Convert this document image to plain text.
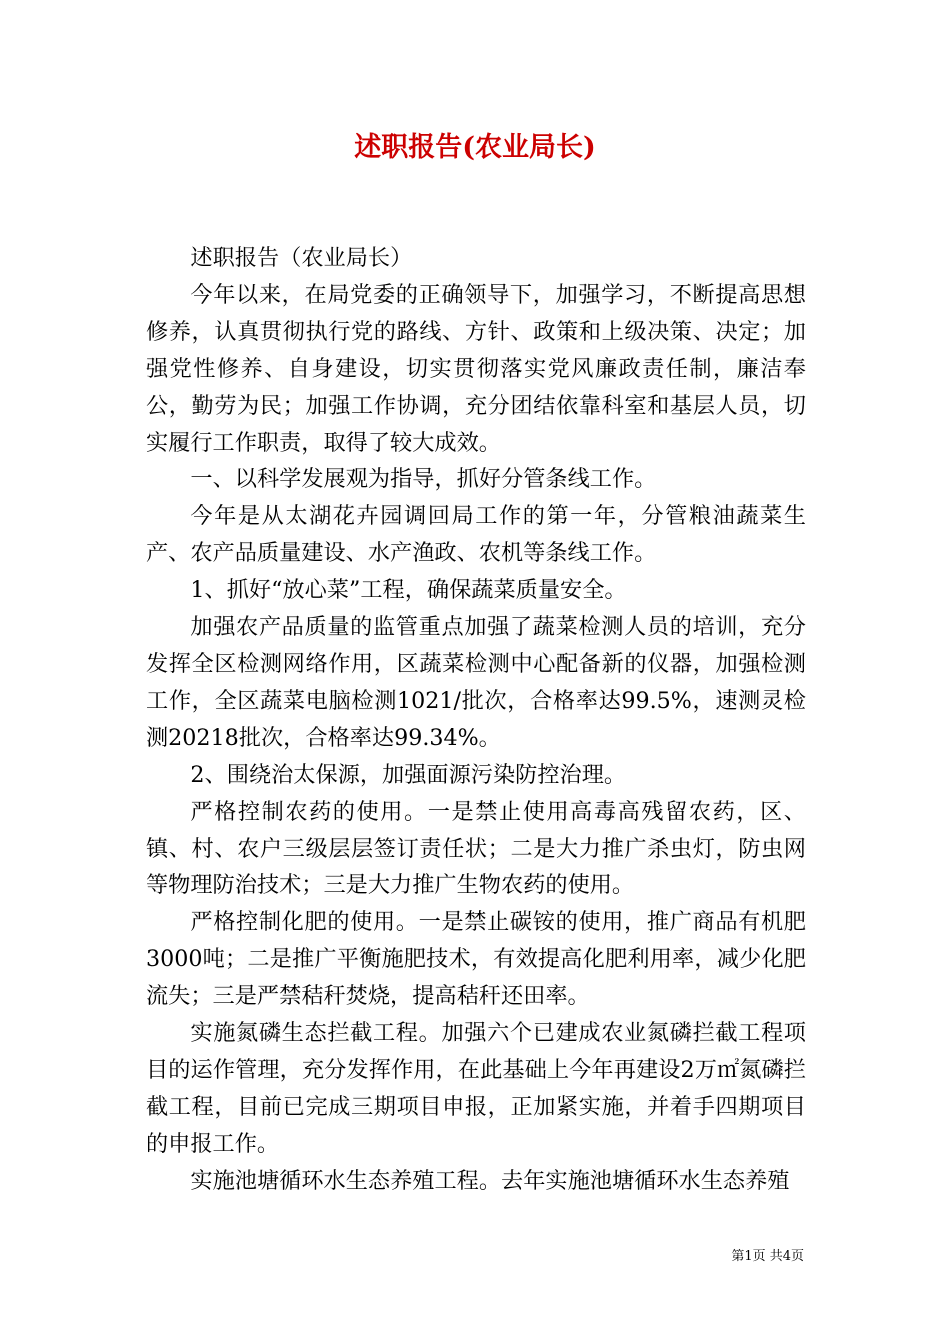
述职报告(农业局长)

述职报告（农业局长）

今年以来，在局党委的正确领导下，加强学习，不断提高思想修养，认真贯彻执行党的路线、方针、政策和上级决策、决定；加强党性修养、自身建设，切实贯彻落实党风廉政责任制，廉洁奉公，勤劳为民；加强工作协调，充分团结依靠科室和基层人员，切实履行工作职责，取得了较大成效。

一、以科学发展观为指导，抓好分管条线工作。

今年是从太湖花卉园调回局工作的第一年，分管粮油蔬菜生产、农产品质量建设、水产渔政、农机等条线工作。

1、抓好“放心菜”工程，确保蔬菜质量安全。

加强农产品质量的监管重点加强了蔬菜检测人员的培训，充分发挥全区检测网络作用，区蔬菜检测中心配备新的仪器，加强检测工作，全区蔬菜电脑检测1021/批次，合格率达99.5%，速测灵检测20218批次，合格率达99.34%。

2、围绕治太保源，加强面源污染防控治理。

严格控制农药的使用。一是禁止使用高毒高残留农药，区、镇、村、农户三级层层签订责任状；二是大力推广杀虫灯，防虫网等物理防治技术；三是大力推广生物农药的使用。

严格控制化肥的使用。一是禁止碳铵的使用，推广商品有机肥3000吨；二是推广平衡施肥技术，有效提高化肥利用率，减少化肥流失；三是严禁秸秆焚烧，提高秸秆还田率。

实施氮磷生态拦截工程。加强六个已建成农业氮磷拦截工程项目的运作管理，充分发挥作用，在此基础上今年再建设2万㎡氮磷拦截工程，目前已完成三期项目申报，正加紧实施，并着手四期项目的申报工作。

实施池塘循环水生态养殖工程。去年实施池塘循环水生态养殖

第1页 共4页
